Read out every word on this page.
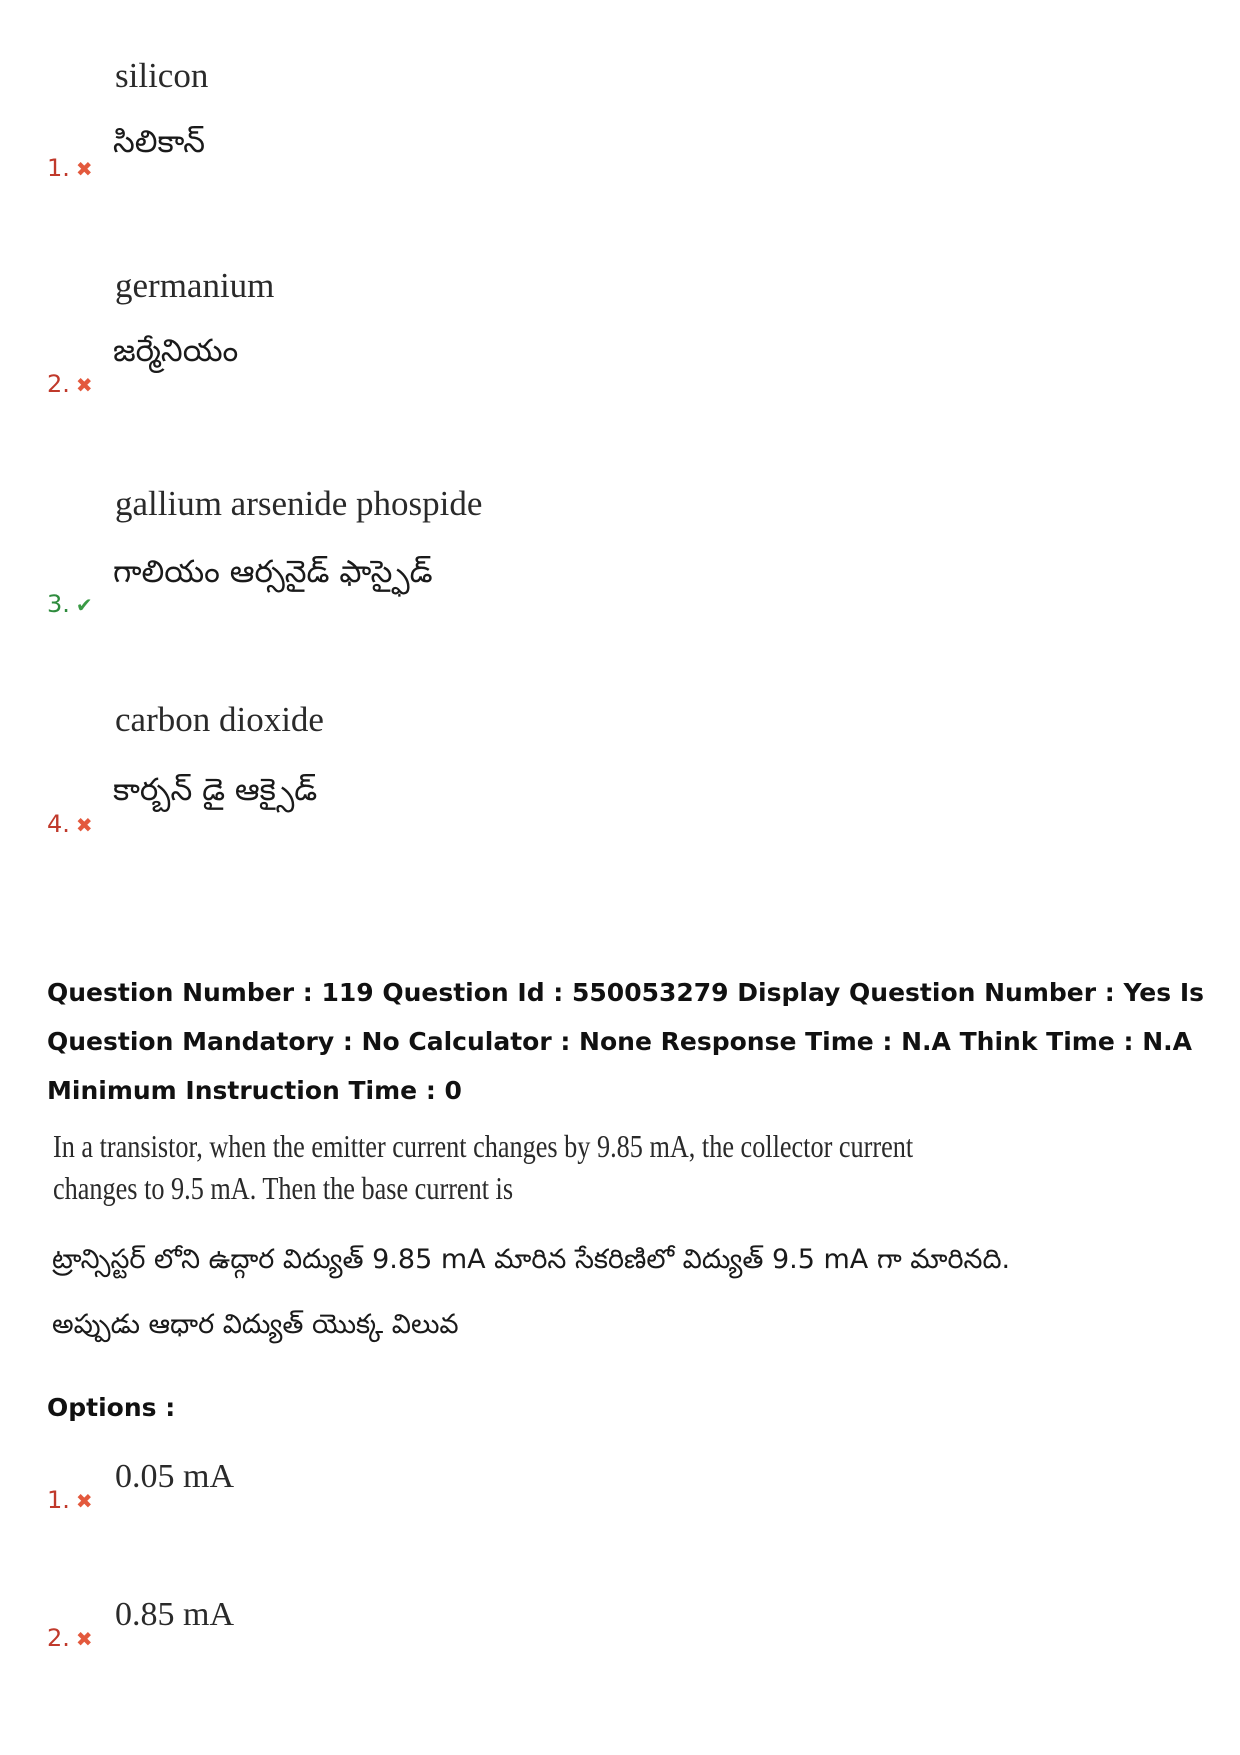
silicon
సిలికాన్
1. ✖
germanium
జర్మేనియం
2. ✖
gallium arsenide phospide
గాలియం ఆర్సనైడ్ ఫాస్ఫైడ్
3. ✔
carbon dioxide
కార్బన్ డై ఆక్సైడ్
4. ✖
Question Number : 119 Question Id : 550053279 Display Question Number : Yes Is Question Mandatory : No Calculator : None Response Time : N.A Think Time : N.A Minimum Instruction Time : 0
In a transistor, when the emitter current changes by 9.85 mA, the collector current
changes to 9.5 mA. Then the base current is
ట్రాన్సిస్టర్ లోని ఉద్గార విద్యుత్ 9.85 mA మారిన సేకరిణిలో విద్యుత్ 9.5 mA గా మారినది.
అప్పుడు ఆధార విద్యుత్ యొక్క విలువ
Options :
0.05 mA
1. ✖
0.85 mA
2. ✖
